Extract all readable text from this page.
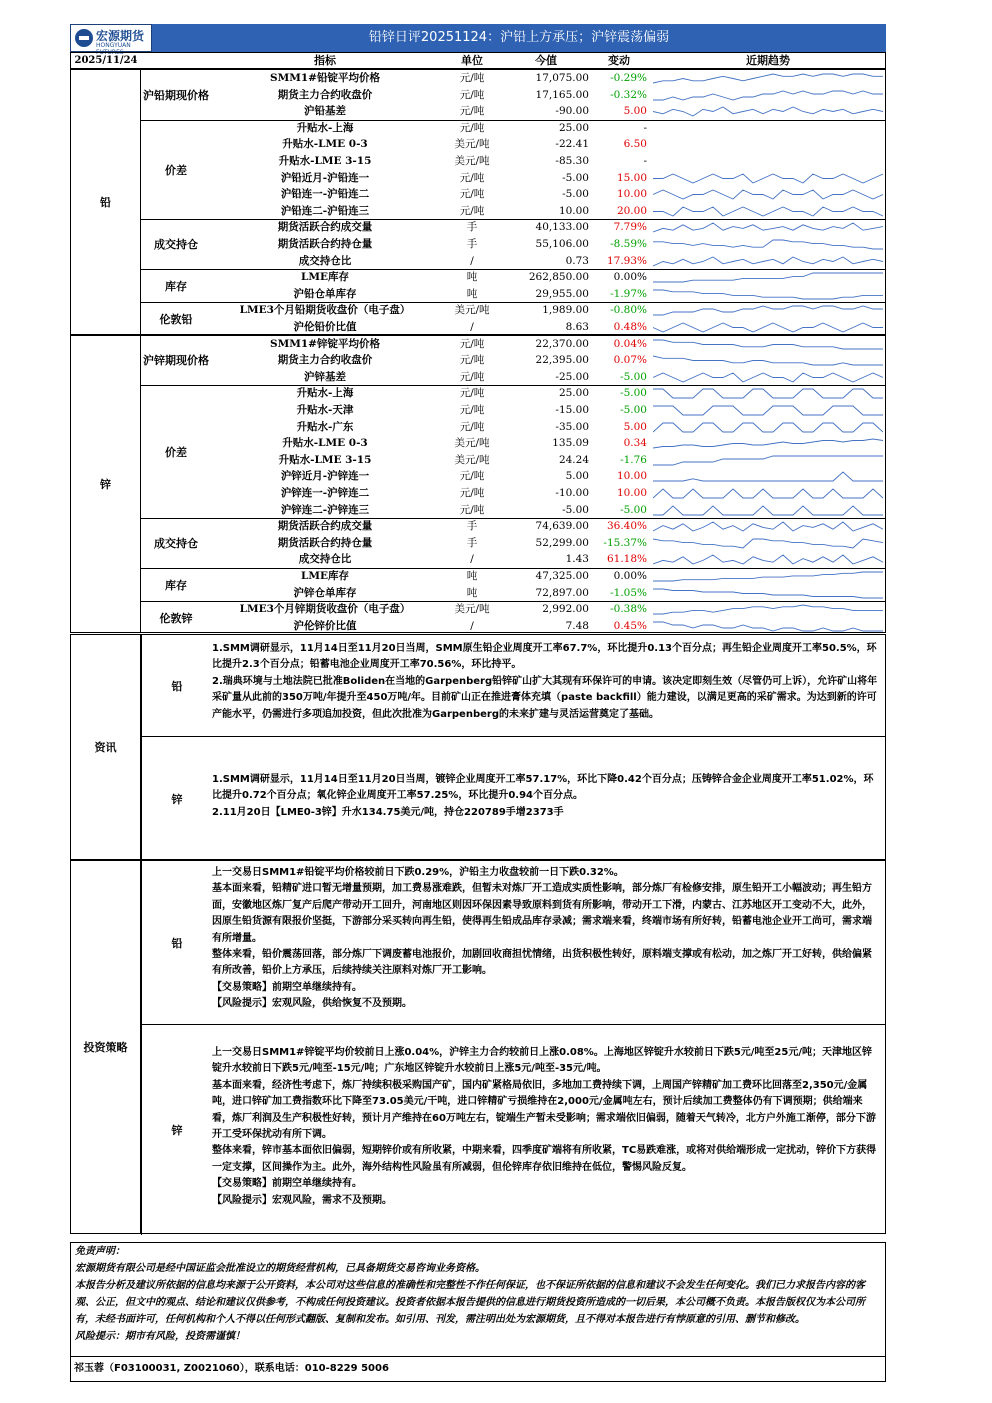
宏源期货
HONGYUAN FUTURES
铅锌日评20251124：沪铅上方承压；沪锌震荡偏弱
2025/11/24	指标	单位	今值	变动	近期趋势
铅
沪铅期现价格
SMM1#铅锭平均价格	元/吨	17,075.00	-0.29%
期货主力合约收盘价	元/吨	17,165.00	-0.32%
沪铅基差	元/吨	-90.00	5.00
价差
升贴水-上海	元/吨	25.00	-
升贴水-LME 0-3	美元/吨	-22.41	6.50
升贴水-LME 3-15	美元/吨	-85.30	-
沪铅近月-沪铅连一	元/吨	-5.00	15.00
沪铅连一-沪铅连二	元/吨	-5.00	10.00
沪铅连二-沪铅连三	元/吨	10.00	20.00
成交持仓
期货活跃合约成交量	手	40,133.00	7.79%
期货活跃合约持仓量	手	55,106.00	-8.59%
成交持仓比	/	0.73	17.93%
库存
LME库存	吨	262,850.00	0.00%
沪铅仓单库存	吨	29,955.00	-1.97%
伦敦铅
LME3个月铅期货收盘价（电子盘）	美元/吨	1,989.00	-0.80%
沪伦铅价比值	/	8.63	0.48%
锌
沪锌期现价格
SMM1#锌锭平均价格	元/吨	22,370.00	0.04%
期货主力合约收盘价	元/吨	22,395.00	0.07%
沪锌基差	元/吨	-25.00	-5.00
价差
升贴水-上海	元/吨	25.00	-5.00
升贴水-天津	元/吨	-15.00	-5.00
升贴水-广东	元/吨	-35.00	5.00
升贴水-LME 0-3	美元/吨	135.09	0.34
升贴水-LME 3-15	美元/吨	24.24	-1.76
沪锌近月-沪锌连一	元/吨	5.00	10.00
沪锌连一-沪锌连二	元/吨	-10.00	10.00
沪锌连二-沪锌连三	元/吨	-5.00	-5.00
成交持仓
期货活跃合约成交量	手	74,639.00	36.40%
期货活跃合约持仓量	手	52,299.00	-15.37%
成交持仓比	/	1.43	61.18%
库存
LME库存	吨	47,325.00	0.00%
沪锌仓单库存	吨	72,897.00	-1.05%
伦敦锌
LME3个月锌期货收盘价（电子盘）	美元/吨	2,992.00	-0.38%
沪伦锌价比值	/	7.48	0.45%
资讯
铅

1.SMM调研显示，11月14日至11月20日当周，SMM原生铅企业周度开工率67.7%，环比提升0.13个百分点；再生铅企业周度开工率50.5%，环比提升2.3个百分点；铅蓄电池企业周度开工率70.56%，环比持平。

2.瑞典环境与土地法院已批准Boliden在当地的Garpenberg铅锌矿山扩大其现有环保许可的申请。该决定即刻生效（尽管仍可上诉），允许矿山将年采矿量从此前的350万吨/年提升至450万吨/年。目前矿山正在推进膏体充填（paste backfill）能力建设，以满足更高的采矿需求。为达到新的许可产能水平，仍需进行多项追加投资，但此次批准为Garpenberg的未来扩建与灵活运营奠定了基础。

锌

1.SMM调研显示，11月14日至11月20日当周，镀锌企业周度开工率57.17%，环比下降0.42个百分点；压铸锌合金企业周度开工率51.02%，环比提升0.72个百分点；氧化锌企业周度开工率57.25%，环比提升0.94个百分点。

2.11月20日【LME0-3锌】升水134.75美元/吨，持仓220789手增2373手

投资策略
铅

上一交易日SMM1#铅锭平均价格较前日下跌0.29%，沪铅主力收盘较前一日下跌0.32%。

基本面来看，铅精矿进口暂无增量预期，加工费易涨难跌，但暂未对炼厂开工造成实质性影响，部分炼厂有检修安排，原生铅开工小幅波动；再生铅方面，安徽地区炼厂复产后爬产带动开工回升，河南地区则因环保因素导致原料到货有所影响，带动开工下滑，内蒙古、江苏地区开工变动不大，此外，因原生铅货源有限报价坚挺，下游部分采买转向再生铅，使得再生铅成品库存录减；需求端来看，终端市场有所好转，铅蓄电池企业开工尚可，需求端有所增量。

整体来看，铅价震荡回落，部分炼厂下调废蓄电池报价，加剧回收商担忧情绪，出货积极性转好，原料端支撑或有松动，加之炼厂开工好转，供给偏紧有所改善，铅价上方承压，后续持续关注原料对炼厂开工影响。

【交易策略】前期空单继续持有。

【风险提示】宏观风险，供给恢复不及预期。

锌

上一交易日SMM1#锌锭平均价较前日上涨0.04%，沪锌主力合约较前日上涨0.08%。上海地区锌锭升水较前日下跌5元/吨至25元/吨；天津地区锌锭升水较前日下跌5元/吨至-15元/吨；广东地区锌锭升水较前日上涨5元/吨至-35元/吨。

基本面来看，经济性考虑下，炼厂持续积极采购国产矿，国内矿紧格局依旧，多地加工费持续下调，上周国产锌精矿加工费环比回落至2,350元/金属吨，进口锌矿加工费指数环比下降至73.05美元/干吨，进口锌精矿亏损维持在2,000元/金属吨左右，预计后续加工费整体仍有下调预期；供给端来看，炼厂利润及生产积极性好转，预计月产维持在60万吨左右，锭端生产暂未受影响；需求端依旧偏弱，随着天气转冷，北方户外施工渐停，部分下游开工受环保扰动有所下调。

整体来看，锌市基本面依旧偏弱，短期锌价或有所收紧，中期来看，四季度矿端将有所收紧，TC易跌难涨，或将对供给端形成一定扰动，锌价下方获得一定支撑，区间操作为主。此外，海外结构性风险虽有所减弱，但伦锌库存依旧维持在低位，警惕风险反复。

【交易策略】前期空单继续持有。

【风险提示】宏观风险，需求不及预期。

免责声明：

宏源期货有限公司是经中国证监会批准设立的期货经营机构，已具备期货交易咨询业务资格。

本报告分析及建议所依据的信息均来源于公开资料，本公司对这些信息的准确性和完整性不作任何保证，也不保证所依据的信息和建议不会发生任何变化。我们已力求报告内容的客观、公正，但文中的观点、结论和建议仅供参考，不构成任何投资建议。投资者依据本报告提供的信息进行期货投资所造成的一切后果，本公司概不负责。本报告版权仅为本公司所有，未经书面许可，任何机构和个人不得以任何形式翻版、复制和发布。如引用、刊发，需注明出处为宏源期货，且不得对本报告进行有悖原意的引用、删节和修改。

风险提示：期市有风险，投资需谨慎！

祁玉蓉（F03100031, Z0021060），联系电话：010-8229 5006
